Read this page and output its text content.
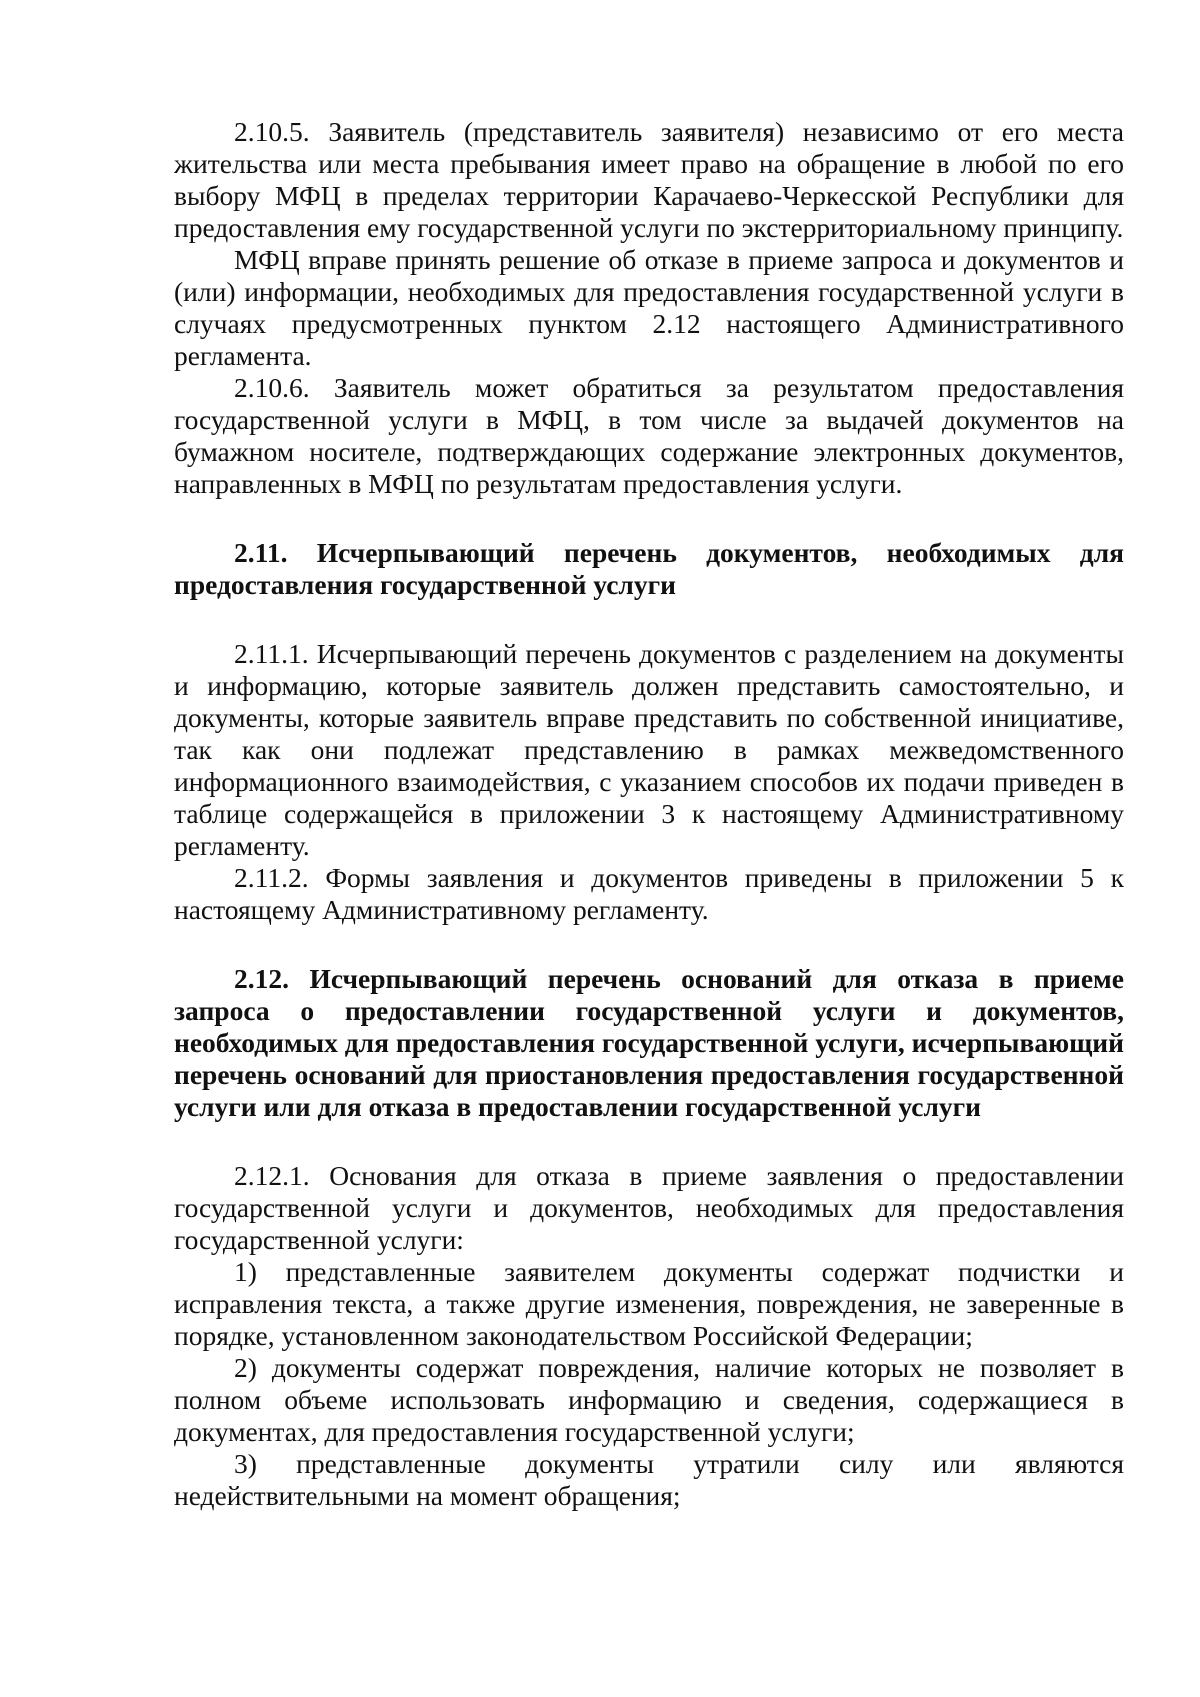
2.10.5. Заявитель (представитель заявителя) независимо от его места жительства или места пребывания имеет право на обращение в любой по его выбору МФЦ в пределах территории Карачаево-Черкесской Республики для предоставления ему государственной услуги по экстерриториальному принципу.

МФЦ вправе принять решение об отказе в приеме запроса и документов и (или) информации, необходимых для предоставления государственной услуги в случаях предусмотренных пунктом 2.12 настоящего Административного регламента.

2.10.6. Заявитель может обратиться за результатом предоставления государственной услуги в МФЦ, в том числе за выдачей документов на бумажном носителе, подтверждающих содержание электронных документов, направленных в МФЦ по результатам предоставления услуги.

2.11. Исчерпывающий перечень документов, необходимых для предоставления государственной услуги

2.11.1. Исчерпывающий перечень документов с разделением на документы и информацию, которые заявитель должен представить самостоятельно, и документы, которые заявитель вправе представить по собственной инициативе, так как они подлежат представлению в рамках межведомственного информационного взаимодействия, с указанием способов их подачи приведен в таблице содержащейся в приложении 3 к настоящему Административному регламенту.

2.11.2. Формы заявления и документов приведены в приложении 5 к настоящему Административному регламенту.

2.12. Исчерпывающий перечень оснований для отказа в приеме запроса о предоставлении государственной услуги и документов, необходимых для предоставления государственной услуги, исчерпывающий перечень оснований для приостановления предоставления государственной услуги или для отказа в предоставлении государственной услуги

2.12.1. Основания для отказа в приеме заявления о предоставлении государственной услуги и документов, необходимых для предоставления государственной услуги:

1) представленные заявителем документы содержат подчистки и исправления текста, а также другие изменения, повреждения, не заверенные в порядке, установленном законодательством Российской Федерации;

2) документы содержат повреждения, наличие которых не позволяет в полном объеме использовать информацию и сведения, содержащиеся в документах, для предоставления государственной услуги;

3) представленные документы утратили силу или являются недействительными на момент обращения;
